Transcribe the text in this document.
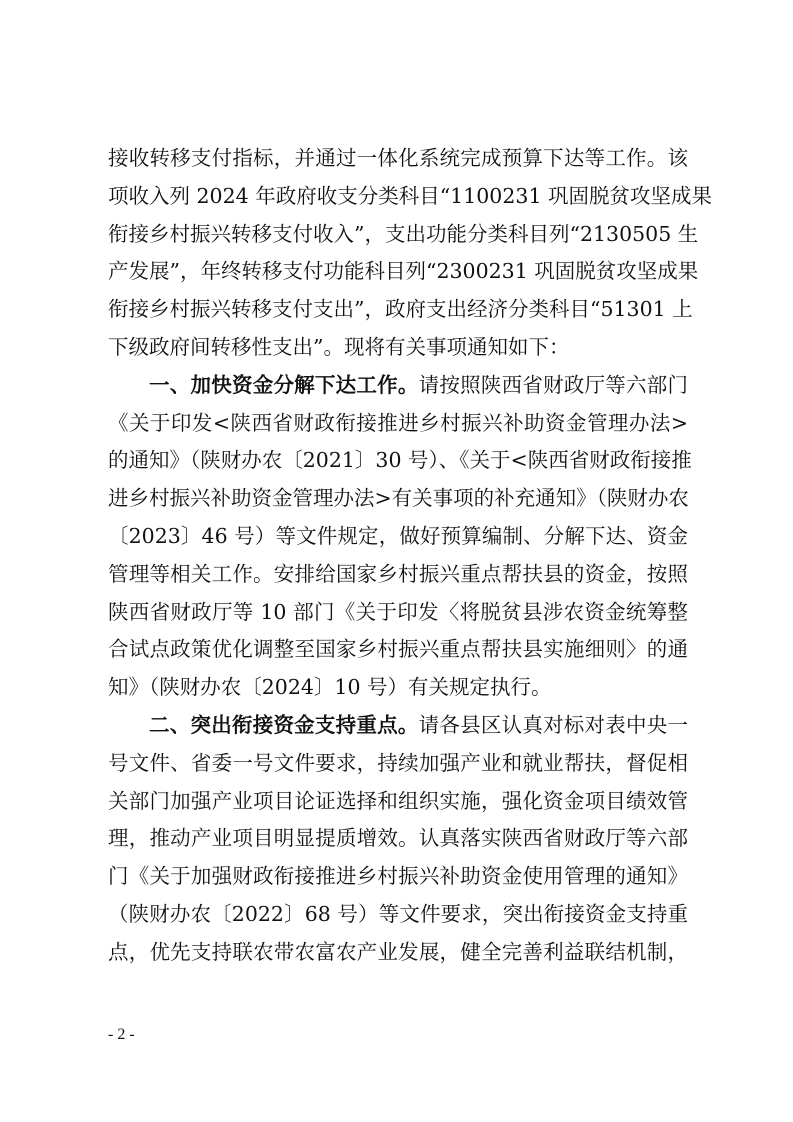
接收转移支付指标，并通过一体化系统完成预算下达等工作。该
项收入列 2024 年政府收支分类科目“1100231 巩固脱贫攻坚成果
衔接乡村振兴转移支付收入”，支出功能分类科目列“2130505 生
产发展”，年终转移支付功能科目列“2300231 巩固脱贫攻坚成果
衔接乡村振兴转移支付支出”，政府支出经济分类科目“51301 上
下级政府间转移性支出”。现将有关事项通知如下：
一、加快资金分解下达工作。请按照陕西省财政厅等六部门
《关于印发<陕西省财政衔接推进乡村振兴补助资金管理办法>
的通知》（陕财办农〔2021〕30 号）、《关于<陕西省财政衔接推
进乡村振兴补助资金管理办法>有关事项的补充通知》（陕财办农
〔2023〕46 号）等文件规定，做好预算编制、分解下达、资金
管理等相关工作。安排给国家乡村振兴重点帮扶县的资金，按照
陕西省财政厅等 10 部门《关于印发〈将脱贫县涉农资金统筹整
合试点政策优化调整至国家乡村振兴重点帮扶县实施细则〉的通
知》（陕财办农〔2024〕10 号）有关规定执行。
二、突出衔接资金支持重点。请各县区认真对标对表中央一
号文件、省委一号文件要求，持续加强产业和就业帮扶，督促相
关部门加强产业项目论证选择和组织实施，强化资金项目绩效管
理，推动产业项目明显提质增效。认真落实陕西省财政厅等六部
门《关于加强财政衔接推进乡村振兴补助资金使用管理的通知》
（陕财办农〔2022〕68 号）等文件要求，突出衔接资金支持重
点，优先支持联农带农富农产业发展，健全完善利益联结机制，
- 2 -
